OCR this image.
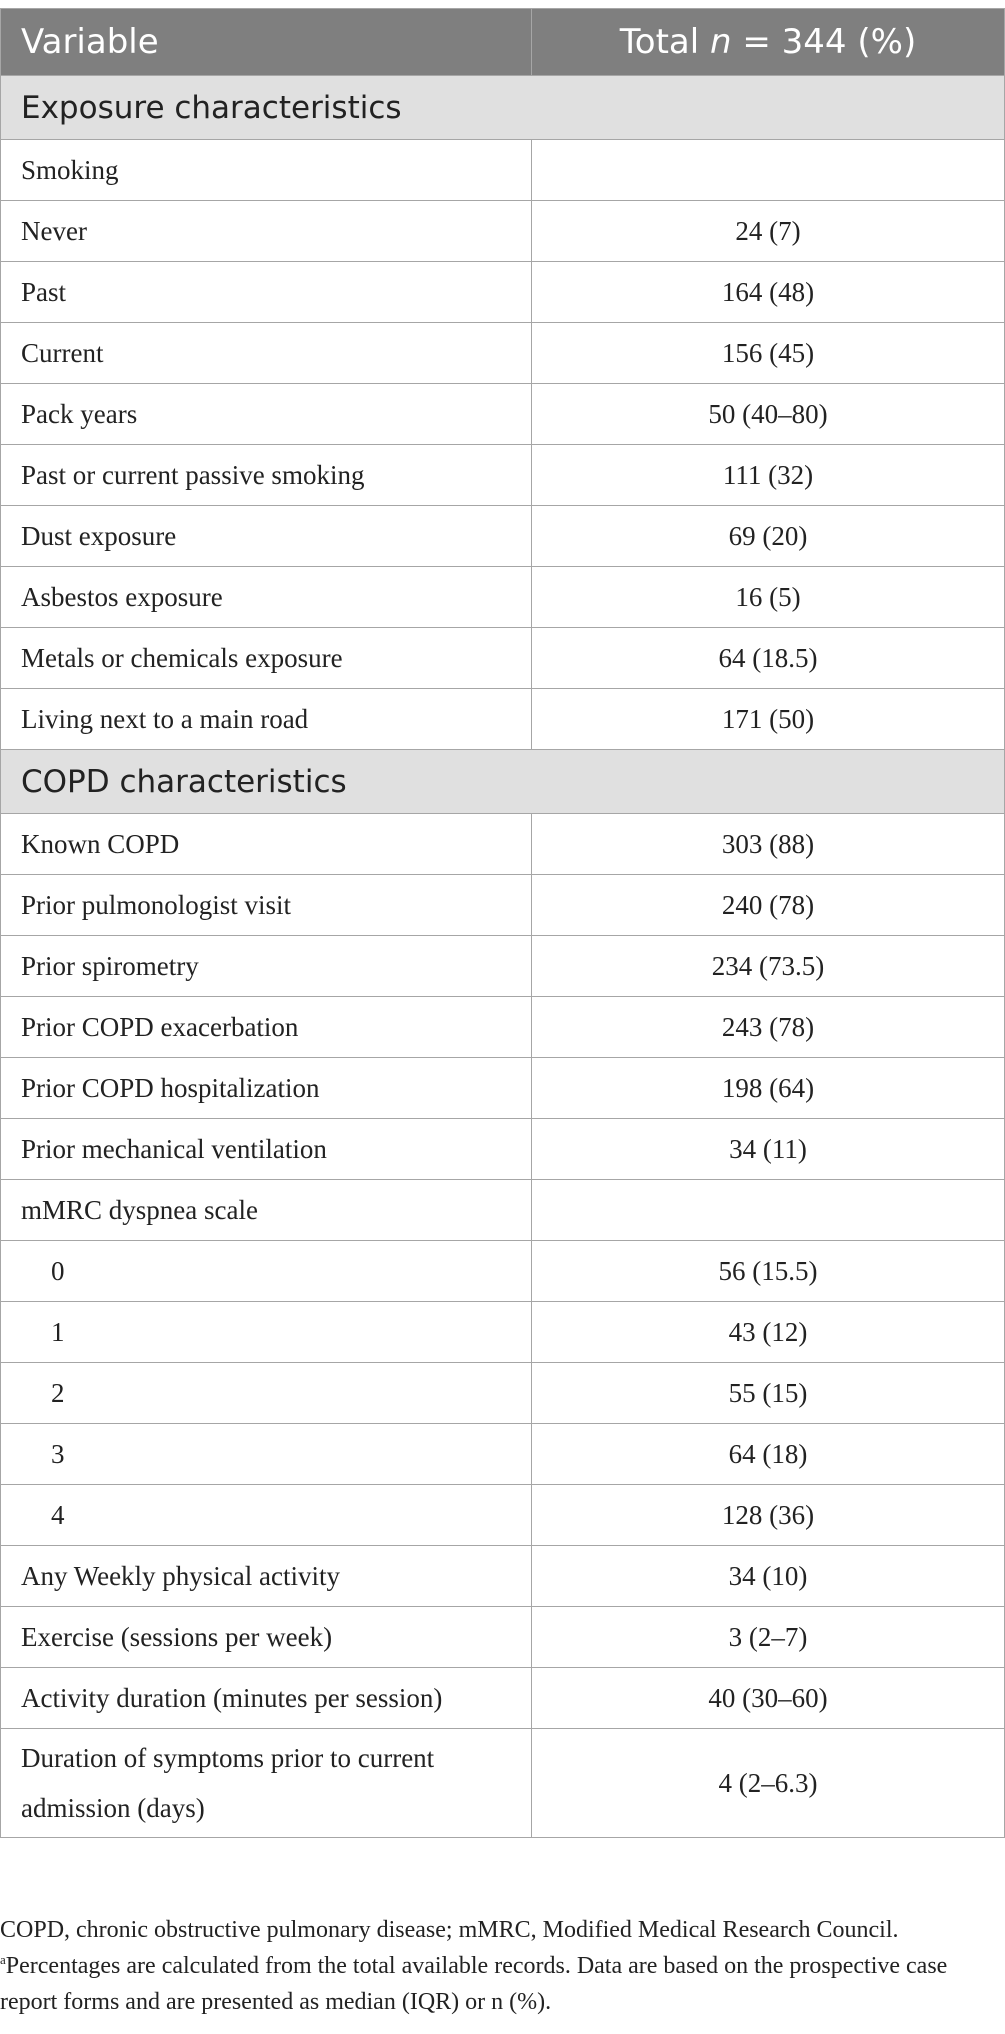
Variable	Total n = 344 (%)
Exposure characteristics	
Smoking	
Never	24 (7)
Past	164 (48)
Current	156 (45)
Pack years	50 (40–80)
Past or current passive smoking	111 (32)
Dust exposure	69 (20)
Asbestos exposure	16 (5)
Metals or chemicals exposure	64 (18.5)
Living next to a main road	171 (50)
COPD characteristics	
Known COPD	303 (88)
Prior pulmonologist visit	240 (78)
Prior spirometry	234 (73.5)
Prior COPD exacerbation	243 (78)
Prior COPD hospitalization	198 (64)
Prior mechanical ventilation	34 (11)
mMRC dyspnea scale	
0	56 (15.5)
1	43 (12)
2	55 (15)
3	64 (18)
4	128 (36)
Any Weekly physical activity	34 (10)
Exercise (sessions per week)	3 (2–7)
Activity duration (minutes per session)	40 (30–60)
Duration of symptoms prior to current admission (days)	4 (2–6.3)

COPD, chronic obstructive pulmonary disease; mMRC, Modified Medical Research Council.

$^a$Percentages are calculated from the total available records. Data are based on the prospective case report forms and are presented as median (IQR) or n (%).
